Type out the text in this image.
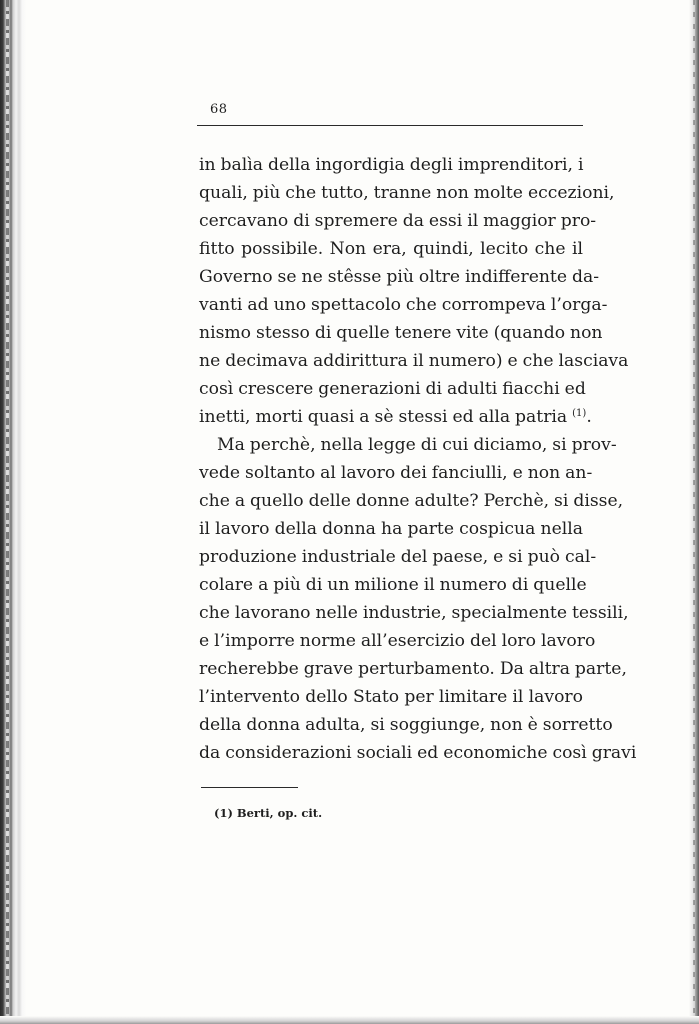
68
in balìa della ingordigia degli imprenditori, i
quali, più che tutto, tranne non molte eccezioni,
cercavano di spremere da essi il maggior pro-
fitto possibile. Non era, quindi, lecito che il
Governo se ne stêsse più oltre indifferente da-
vanti ad uno spettacolo che corrompeva l’orga-
nismo stesso di quelle tenere vite (quando non
ne decimava addirittura il numero) e che lasciava
così crescere generazioni di adulti fiacchi ed
inetti, morti quasi a sè stessi ed alla patria $^{(1)}$.
Ma perchè, nella legge di cui diciamo, si prov-
vede soltanto al lavoro dei fanciulli, e non an-
che a quello delle donne adulte? Perchè, si disse,
il lavoro della donna ha parte cospicua nella
produzione industriale del paese, e si può cal-
colare a più di un milione il numero di quelle
che lavorano nelle industrie, specialmente tessili,
e l’imporre norme all’esercizio del loro lavoro
recherebbe grave perturbamento. Da altra parte,
l’intervento dello Stato per limitare il lavoro
della donna adulta, si soggiunge, non è sorretto
da considerazioni sociali ed economiche così gravi
(1) Berti, op. cit.
